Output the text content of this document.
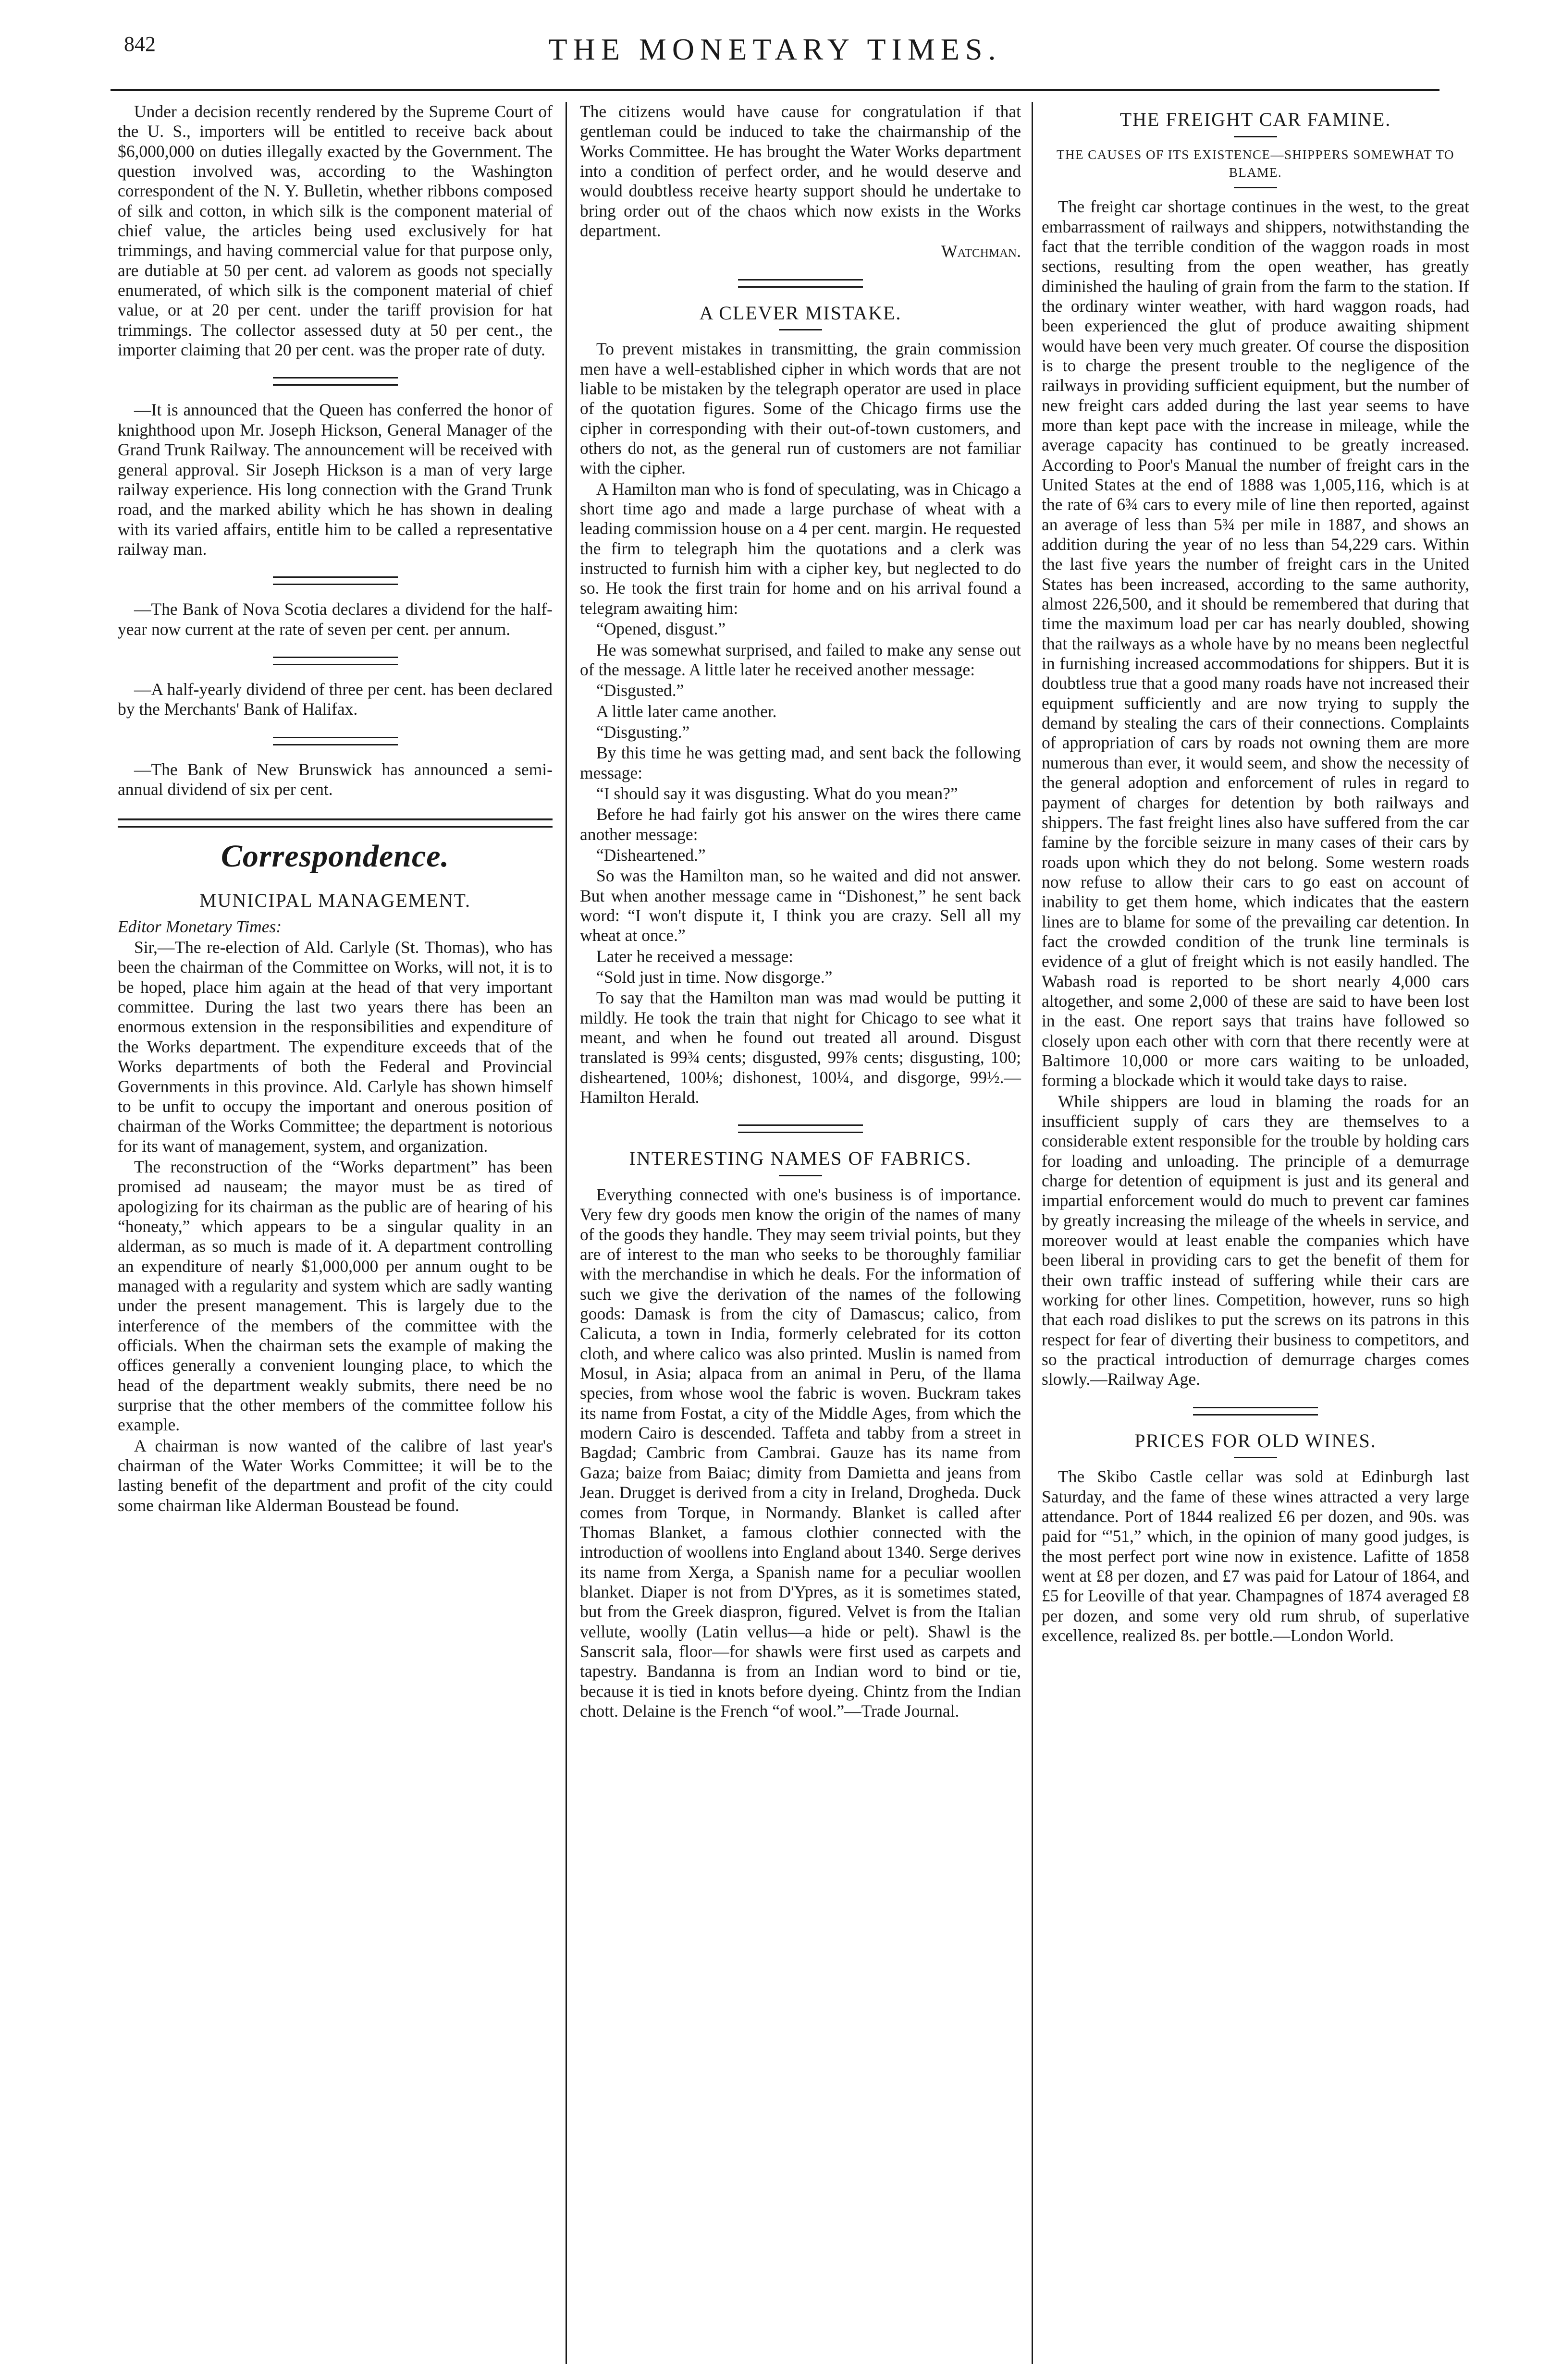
842	THE MONETARY TIMES.

Under a decision recently rendered by the Supreme Court of the U. S., importers will be entitled to receive back about $6,000,000 on duties illegally exacted by the Government. The question involved was, according to the Washington correspondent of the N. Y. Bulletin, whether ribbons composed of silk and cotton, in which silk is the component material of chief value, the articles being used exclusively for hat trimmings, and having commercial value for that purpose only, are dutiable at 50 per cent. ad valorem as goods not specially enumerated, of which silk is the component material of chief value, or at 20 per cent. under the tariff provision for hat trimmings. The collector assessed duty at 50 per cent., the importer claiming that 20 per cent. was the proper rate of duty.

—It is announced that the Queen has conferred the honor of knighthood upon Mr. Joseph Hickson, General Manager of the Grand Trunk Railway. The announcement will be received with general approval. Sir Joseph Hickson is a man of very large railway experience. His long connection with the Grand Trunk road, and the marked ability which he has shown in dealing with its varied affairs, entitle him to be called a representative railway man.

—The Bank of Nova Scotia declares a dividend for the half-year now current at the rate of seven per cent. per annum.

—A half-yearly dividend of three per cent. has been declared by the Merchants' Bank of Halifax.

—The Bank of New Brunswick has announced a semi-annual dividend of six per cent.

Correspondence.
MUNICIPAL MANAGEMENT.

Editor Monetary Times:

Sir,—The re-election of Ald. Carlyle (St. Thomas), who has been the chairman of the Committee on Works, will not, it is to be hoped, place him again at the head of that very important committee. During the last two years there has been an enormous extension in the responsibilities and expenditure of the Works department. The expenditure exceeds that of the Works departments of both the Federal and Provincial Governments in this province. Ald. Carlyle has shown himself to be unfit to occupy the important and onerous position of chairman of the Works Committee; the department is notorious for its want of management, system, and organization.

The reconstruction of the “Works department” has been promised ad nauseam; the mayor must be as tired of apologizing for its chairman as the public are of hearing of his “honeaty,” which appears to be a singular quality in an alderman, as so much is made of it. A department controlling an expenditure of nearly $1,000,000 per annum ought to be managed with a regularity and system which are sadly wanting under the present management. This is largely due to the interference of the members of the committee with the officials. When the chairman sets the example of making the offices generally a convenient lounging place, to which the head of the department weakly submits, there need be no surprise that the other members of the committee follow his example.

A chairman is now wanted of the calibre of last year's chairman of the Water Works Committee; it will be to the lasting benefit of the department and profit of the city could some chairman like Alderman Boustead be found.

The citizens would have cause for congratulation if that gentleman could be induced to take the chairmanship of the Works Committee. He has brought the Water Works department into a condition of perfect order, and he would deserve and would doubtless receive hearty support should he undertake to bring order out of the chaos which now exists in the Works department.

Watchman.

A CLEVER MISTAKE.

To prevent mistakes in transmitting, the grain commission men have a well-established cipher in which words that are not liable to be mistaken by the telegraph operator are used in place of the quotation figures. Some of the Chicago firms use the cipher in corresponding with their out-of-town customers, and others do not, as the general run of customers are not familiar with the cipher.

A Hamilton man who is fond of speculating, was in Chicago a short time ago and made a large purchase of wheat with a leading commission house on a 4 per cent. margin. He requested the firm to telegraph him the quotations and a clerk was instructed to furnish him with a cipher key, but neglected to do so. He took the first train for home and on his arrival found a telegram awaiting him:

“Opened, disgust.”

He was somewhat surprised, and failed to make any sense out of the message. A little later he received another message:

“Disgusted.”

A little later came another.

“Disgusting.”

By this time he was getting mad, and sent back the following message:

“I should say it was disgusting. What do you mean?”

Before he had fairly got his answer on the wires there came another message:

“Disheartened.”

So was the Hamilton man, so he waited and did not answer. But when another message came in “Dishonest,” he sent back word: “I won't dispute it, I think you are crazy. Sell all my wheat at once.”

Later he received a message:

“Sold just in time. Now disgorge.”

To say that the Hamilton man was mad would be putting it mildly. He took the train that night for Chicago to see what it meant, and when he found out treated all around. Disgust translated is 99¾ cents; disgusted, 99⅞ cents; disgusting, 100; disheartened, 100⅛; dishonest, 100¼, and disgorge, 99½.—Hamilton Herald.

INTERESTING NAMES OF FABRICS.

Everything connected with one's business is of importance. Very few dry goods men know the origin of the names of many of the goods they handle. They may seem trivial points, but they are of interest to the man who seeks to be thoroughly familiar with the merchandise in which he deals. For the information of such we give the derivation of the names of the following goods: Damask is from the city of Damascus; calico, from Calicuta, a town in India, formerly celebrated for its cotton cloth, and where calico was also printed. Muslin is named from Mosul, in Asia; alpaca from an animal in Peru, of the llama species, from whose wool the fabric is woven. Buckram takes its name from Fostat, a city of the Middle Ages, from which the modern Cairo is descended. Taffeta and tabby from a street in Bagdad; Cambric from Cambrai. Gauze has its name from Gaza; baize from Baiac; dimity from Damietta and jeans from Jean. Drugget is derived from a city in Ireland, Drogheda. Duck comes from Torque, in Normandy. Blanket is called after Thomas Blanket, a famous clothier connected with the introduction of woollens into England about 1340. Serge derives its name from Xerga, a Spanish name for a peculiar woollen blanket. Diaper is not from D'Ypres, as it is sometimes stated, but from the Greek diaspron, figured. Velvet is from the Italian vellute, woolly (Latin vellus—a hide or pelt). Shawl is the Sanscrit sala, floor—for shawls were first used as carpets and tapestry. Bandanna is from an Indian word to bind or tie, because it is tied in knots before dyeing. Chintz from the Indian chott. Delaine is the French “of wool.”—Trade Journal.

THE FREIGHT CAR FAMINE.
THE CAUSES OF ITS EXISTENCE—SHIPPERS SOMEWHAT TO BLAME.

The freight car shortage continues in the west, to the great embarrassment of railways and shippers, notwithstanding the fact that the terrible condition of the waggon roads in most sections, resulting from the open weather, has greatly diminished the hauling of grain from the farm to the station. If the ordinary winter weather, with hard waggon roads, had been experienced the glut of produce awaiting shipment would have been very much greater. Of course the disposition is to charge the present trouble to the negligence of the railways in providing sufficient equipment, but the number of new freight cars added during the last year seems to have more than kept pace with the increase in mileage, while the average capacity has continued to be greatly increased. According to Poor's Manual the number of freight cars in the United States at the end of 1888 was 1,005,116, which is at the rate of 6¾ cars to every mile of line then reported, against an average of less than 5¾ per mile in 1887, and shows an addition during the year of no less than 54,229 cars. Within the last five years the number of freight cars in the United States has been increased, according to the same authority, almost 226,500, and it should be remembered that during that time the maximum load per car has nearly doubled, showing that the railways as a whole have by no means been neglectful in furnishing increased accommodations for shippers. But it is doubtless true that a good many roads have not increased their equipment sufficiently and are now trying to supply the demand by stealing the cars of their connections. Complaints of appropriation of cars by roads not owning them are more numerous than ever, it would seem, and show the necessity of the general adoption and enforcement of rules in regard to payment of charges for detention by both railways and shippers. The fast freight lines also have suffered from the car famine by the forcible seizure in many cases of their cars by roads upon which they do not belong. Some western roads now refuse to allow their cars to go east on account of inability to get them home, which indicates that the eastern lines are to blame for some of the prevailing car detention. In fact the crowded condition of the trunk line terminals is evidence of a glut of freight which is not easily handled. The Wabash road is reported to be short nearly 4,000 cars altogether, and some 2,000 of these are said to have been lost in the east. One report says that trains have followed so closely upon each other with corn that there recently were at Baltimore 10,000 or more cars waiting to be unloaded, forming a blockade which it would take days to raise.

While shippers are loud in blaming the roads for an insufficient supply of cars they are themselves to a considerable extent responsible for the trouble by holding cars for loading and unloading. The principle of a demurrage charge for detention of equipment is just and its general and impartial enforcement would do much to prevent car famines by greatly increasing the mileage of the wheels in service, and moreover would at least enable the companies which have been liberal in providing cars to get the benefit of them for their own traffic instead of suffering while their cars are working for other lines. Competition, however, runs so high that each road dislikes to put the screws on its patrons in this respect for fear of diverting their business to competitors, and so the practical introduction of demurrage charges comes slowly.—Railway Age.

PRICES FOR OLD WINES.

The Skibo Castle cellar was sold at Edinburgh last Saturday, and the fame of these wines attracted a very large attendance. Port of 1844 realized £6 per dozen, and 90s. was paid for “'51,” which, in the opinion of many good judges, is the most perfect port wine now in existence. Lafitte of 1858 went at £8 per dozen, and £7 was paid for Latour of 1864, and £5 for Leoville of that year. Champagnes of 1874 averaged £8 per dozen, and some very old rum shrub, of superlative excellence, realized 8s. per bottle.—London World.
